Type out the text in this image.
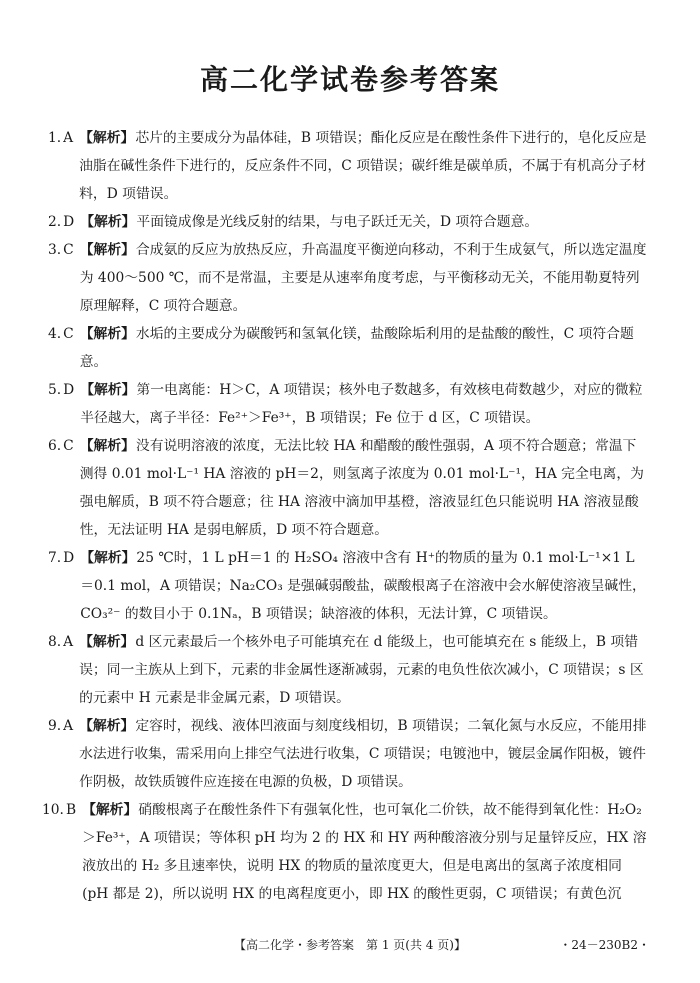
高二化学试卷参考答案
1. A 【解析】芯片的主要成分为晶体硅，B 项错误；酯化反应是在酸性条件下进行的，皂化反应是油脂在碱性条件下进行的，反应条件不同，C 项错误；碳纤维是碳单质，不属于有机高分子材料，D 项错误。
2. D 【解析】平面镜成像是光线反射的结果，与电子跃迁无关，D 项符合题意。
3. C 【解析】合成氨的反应为放热反应，升高温度平衡逆向移动，不利于生成氨气，所以选定温度为 400～500 ℃，而不是常温，主要是从速率角度考虑，与平衡移动无关，不能用勒夏特列原理解释，C 项符合题意。
4. C 【解析】水垢的主要成分为碳酸钙和氢氧化镁，盐酸除垢利用的是盐酸的酸性，C 项符合题意。
5. D 【解析】第一电离能：H＞C，A 项错误；核外电子数越多，有效核电荷数越少，对应的微粒半径越大，离子半径：Fe²⁺＞Fe³⁺，B 项错误；Fe 位于 d 区，C 项错误。
6. C 【解析】没有说明溶液的浓度，无法比较 HA 和醋酸的酸性强弱，A 项不符合题意；常温下测得 0.01 mol·L⁻¹ HA 溶液的 pH＝2，则氢离子浓度为 0.01 mol·L⁻¹，HA 完全电离，为强电解质，B 项不符合题意；往 HA 溶液中滴加甲基橙，溶液显红色只能说明 HA 溶液显酸性，无法证明 HA 是弱电解质，D 项不符合题意。
7. D 【解析】25 ℃时，1 L pH＝1 的 H₂SO₄ 溶液中含有 H⁺的物质的量为 0.1 mol·L⁻¹×1 L＝0.1 mol，A 项错误；Na₂CO₃ 是强碱弱酸盐，碳酸根离子在溶液中会水解使溶液呈碱性，CO₃²⁻ 的数目小于 0.1Nₐ，B 项错误；缺溶液的体积，无法计算，C 项错误。
8. A 【解析】d 区元素最后一个核外电子可能填充在 d 能级上，也可能填充在 s 能级上，B 项错误；同一主族从上到下，元素的非金属性逐渐减弱，元素的电负性依次减小，C 项错误；s 区的元素中 H 元素是非金属元素，D 项错误。
9. A 【解析】定容时，视线、液体凹液面与刻度线相切，B 项错误；二氧化氮与水反应，不能用排水法进行收集，需采用向上排空气法进行收集，C 项错误；电镀池中，镀层金属作阳极，镀件作阴极，故铁质镀件应连接在电源的负极，D 项错误。
10. B 【解析】硝酸根离子在酸性条件下有强氧化性，也可氧化二价铁，故不能得到氧化性：H₂O₂＞Fe³⁺，A 项错误；等体积 pH 均为 2 的 HX 和 HY 两种酸溶液分别与足量锌反应，HX 溶液放出的 H₂ 多且速率快，说明 HX 的物质的量浓度更大，但是电离出的氢离子浓度相同(pH 都是 2)，所以说明 HX 的电离程度更小，即 HX 的酸性更弱，C 项错误；有黄色沉
【高二化学・参考答案　第 1 页(共 4 页)】	・24－230B2・
